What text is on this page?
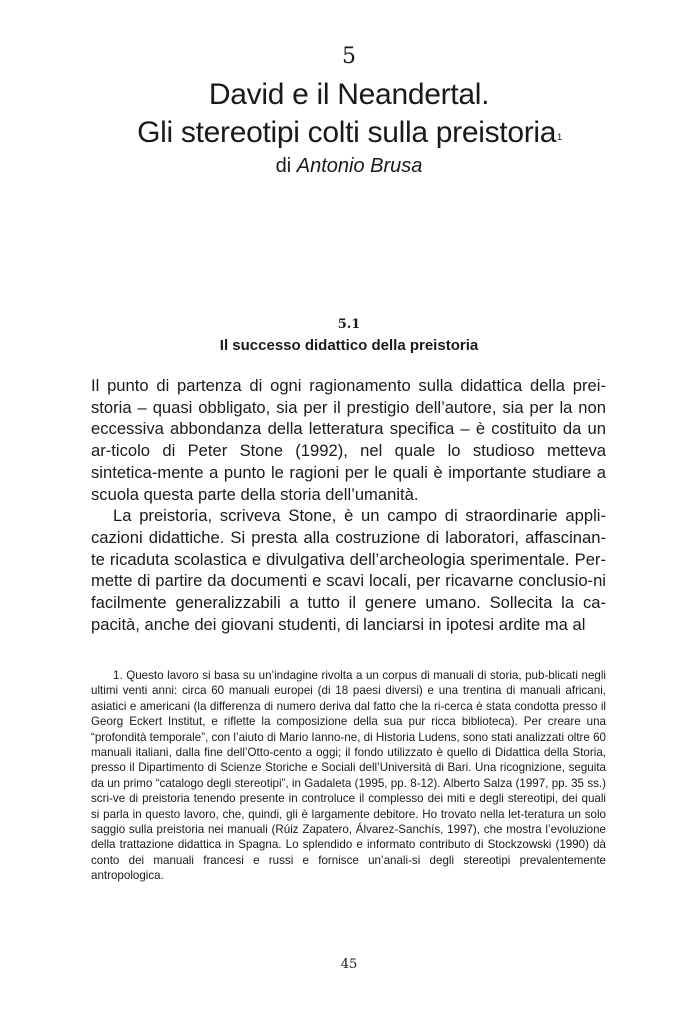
5
David e il Neandertal.
Gli stereotipi colti sulla preistoria$^1$
di Antonio Brusa
5.1
Il successo didattico della preistoria

Il punto di partenza di ogni ragionamento sulla didattica della prei-storia – quasi obbligato, sia per il prestigio dell’autore, sia per la non eccessiva abbondanza della letteratura specifica – è costituito da un ar-ticolo di Peter Stone (1992), nel quale lo studioso metteva sintetica-mente a punto le ragioni per le quali è importante studiare a scuola questa parte della storia dell’umanità.

La preistoria, scriveva Stone, è un campo di straordinarie appli-cazioni didattiche. Si presta alla costruzione di laboratori, affascinan-te ricaduta scolastica e divulgativa dell’archeologia sperimentale. Per-mette di partire da documenti e scavi locali, per ricavarne conclusio-ni facilmente generalizzabili a tutto il genere umano. Sollecita la ca-pacità, anche dei giovani studenti, di lanciarsi in ipotesi ardite ma al

1. Questo lavoro si basa su un’indagine rivolta a un corpus di manuali di storia, pub-blicati negli ultimi venti anni: circa 60 manuali europei (di 18 paesi diversi) e una trentina di manuali africani, asiatici e americani (la differenza di numero deriva dal fatto che la ri-cerca è stata condotta presso il Georg Eckert Institut, e riflette la composizione della sua pur ricca biblioteca). Per creare una “profondità temporale”, con l’aiuto di Mario Ianno-ne, di Historia Ludens, sono stati analizzati oltre 60 manuali italiani, dalla fine dell’Otto-cento a oggi; il fondo utilizzato è quello di Didattica della Storia, presso il Dipartimento di Scienze Storiche e Sociali dell’Università di Bari. Una ricognizione, seguita da un primo “catalogo degli stereotipi”, in Gadaleta (1995, pp. 8-12). Alberto Salza (1997, pp. 35 ss.) scri-ve di preistoria tenendo presente in controluce il complesso dei miti e degli stereotipi, dei quali si parla in questo lavoro, che, quindi, gli è largamente debitore. Ho trovato nella let-teratura un solo saggio sulla preistoria nei manuali (Rúiz Zapatero, Álvarez-Sanchís, 1997), che mostra l’evoluzione della trattazione didattica in Spagna. Lo splendido e informato contributo di Stockzowski (1990) dà conto dei manuali francesi e russi e fornisce un’anali-si degli stereotipi prevalentemente antropologica.

45
